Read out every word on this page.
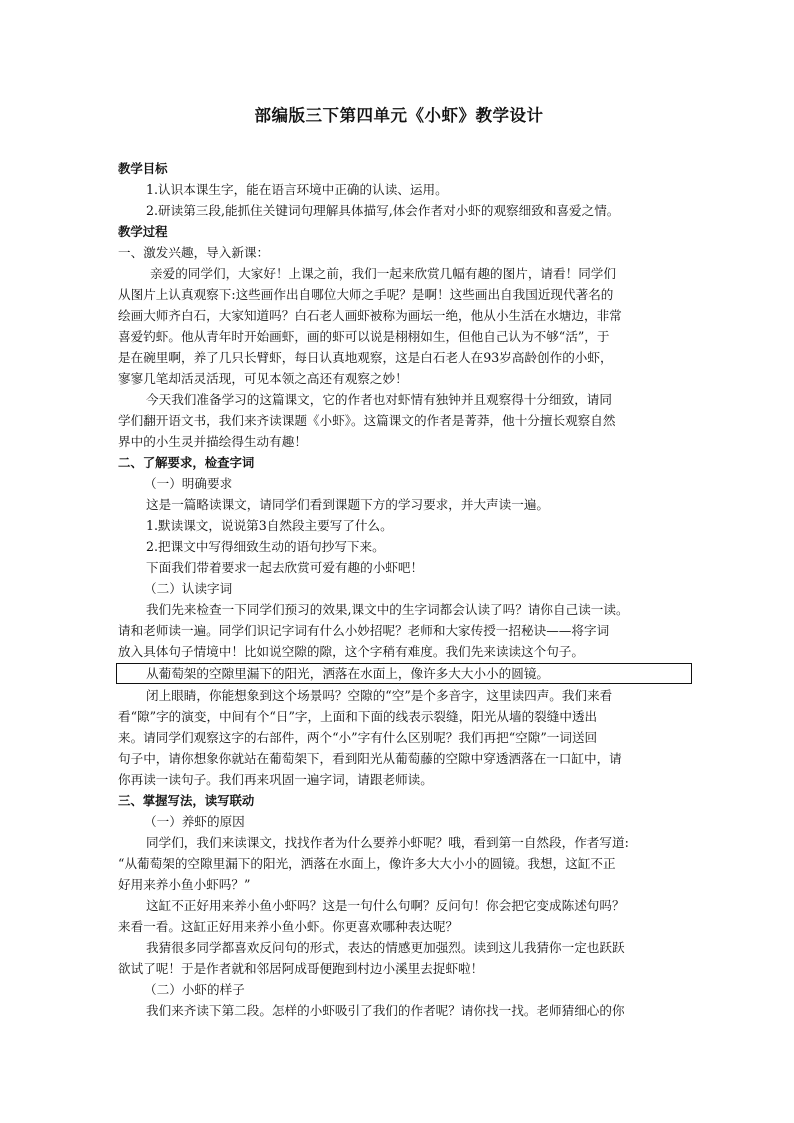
部编版三下第四单元《小虾》教学设计
教学目标
1.认识本课生字，能在语言环境中正确的认读、运用。
2.研读第三段,能抓住关键词句理解具体描写,体会作者对小虾的观察细致和喜爱之情。
教学过程
一、激发兴趣，导入新课：
亲爱的同学们，大家好！上课之前，我们一起来欣赏几幅有趣的图片，请看！同学们
从图片上认真观察下:这些画作出自哪位大师之手呢？是啊！这些画出自我国近现代著名的
绘画大师齐白石，大家知道吗？白石老人画虾被称为画坛一绝，他从小生活在水塘边，非常
喜爱钓虾。他从青年时开始画虾，画的虾可以说是栩栩如生，但他自己认为不够“活”，于
是在碗里啊，养了几只长臂虾，每日认真地观察，这是白石老人在93岁高龄创作的小虾，
寥寥几笔却活灵活现，可见本领之高还有观察之妙！
今天我们准备学习的这篇课文，它的作者也对虾情有独钟并且观察得十分细致，请同
学们翻开语文书，我们来齐读课题《小虾》。这篇课文的作者是菁莽，他十分擅长观察自然
界中的小生灵并描绘得生动有趣！
二、了解要求，检查字词
（一）明确要求
这是一篇略读课文，请同学们看到课题下方的学习要求，并大声读一遍。
1.默读课文，说说第3自然段主要写了什么。
2.把课文中写得细致生动的语句抄写下来。
下面我们带着要求一起去欣赏可爱有趣的小虾吧！
（二）认读字词
我们先来检查一下同学们预习的效果,课文中的生字词都会认读了吗？请你自己读一读。
请和老师读一遍。同学们识记字词有什么小妙招呢？老师和大家传授一招秘诀——将字词
放入具体句子情境中！比如说空隙的隙，这个字稍有难度。我们先来读读这个句子。
从葡萄架的空隙里漏下的阳光，洒落在水面上，像许多大大小小的圆镜。
闭上眼睛，你能想象到这个场景吗？空隙的“空”是个多音字，这里读四声。我们来看
看“隙”字的演变，中间有个“日”字，上面和下面的线表示裂缝，阳光从墙的裂缝中透出
来。请同学们观察这字的右部件，两个“小”字有什么区别呢？我们再把“空隙”一词送回
句子中，请你想象你就站在葡萄架下，看到阳光从葡萄藤的空隙中穿透洒落在一口缸中，请
你再读一读句子。我们再来巩固一遍字词，请跟老师读。
三、掌握写法，读写联动
（一）养虾的原因
同学们，我们来读课文，找找作者为什么要养小虾呢？哦，看到第一自然段，作者写道:
“从葡萄架的空隙里漏下的阳光，洒落在水面上，像许多大大小小的圆镜。我想，这缸不正
好用来养小鱼小虾吗？”
这缸不正好用来养小鱼小虾吗？这是一句什么句啊？反问句！你会把它变成陈述句吗？
来看一看。这缸正好用来养小鱼小虾。你更喜欢哪种表达呢？
我猜很多同学都喜欢反问句的形式，表达的情感更加强烈。读到这儿我猜你一定也跃跃
欲试了呢！于是作者就和邻居阿成哥便跑到村边小溪里去捉虾啦！
（二）小虾的样子
我们来齐读下第二段。怎样的小虾吸引了我们的作者呢？请你找一找。老师猜细心的你
